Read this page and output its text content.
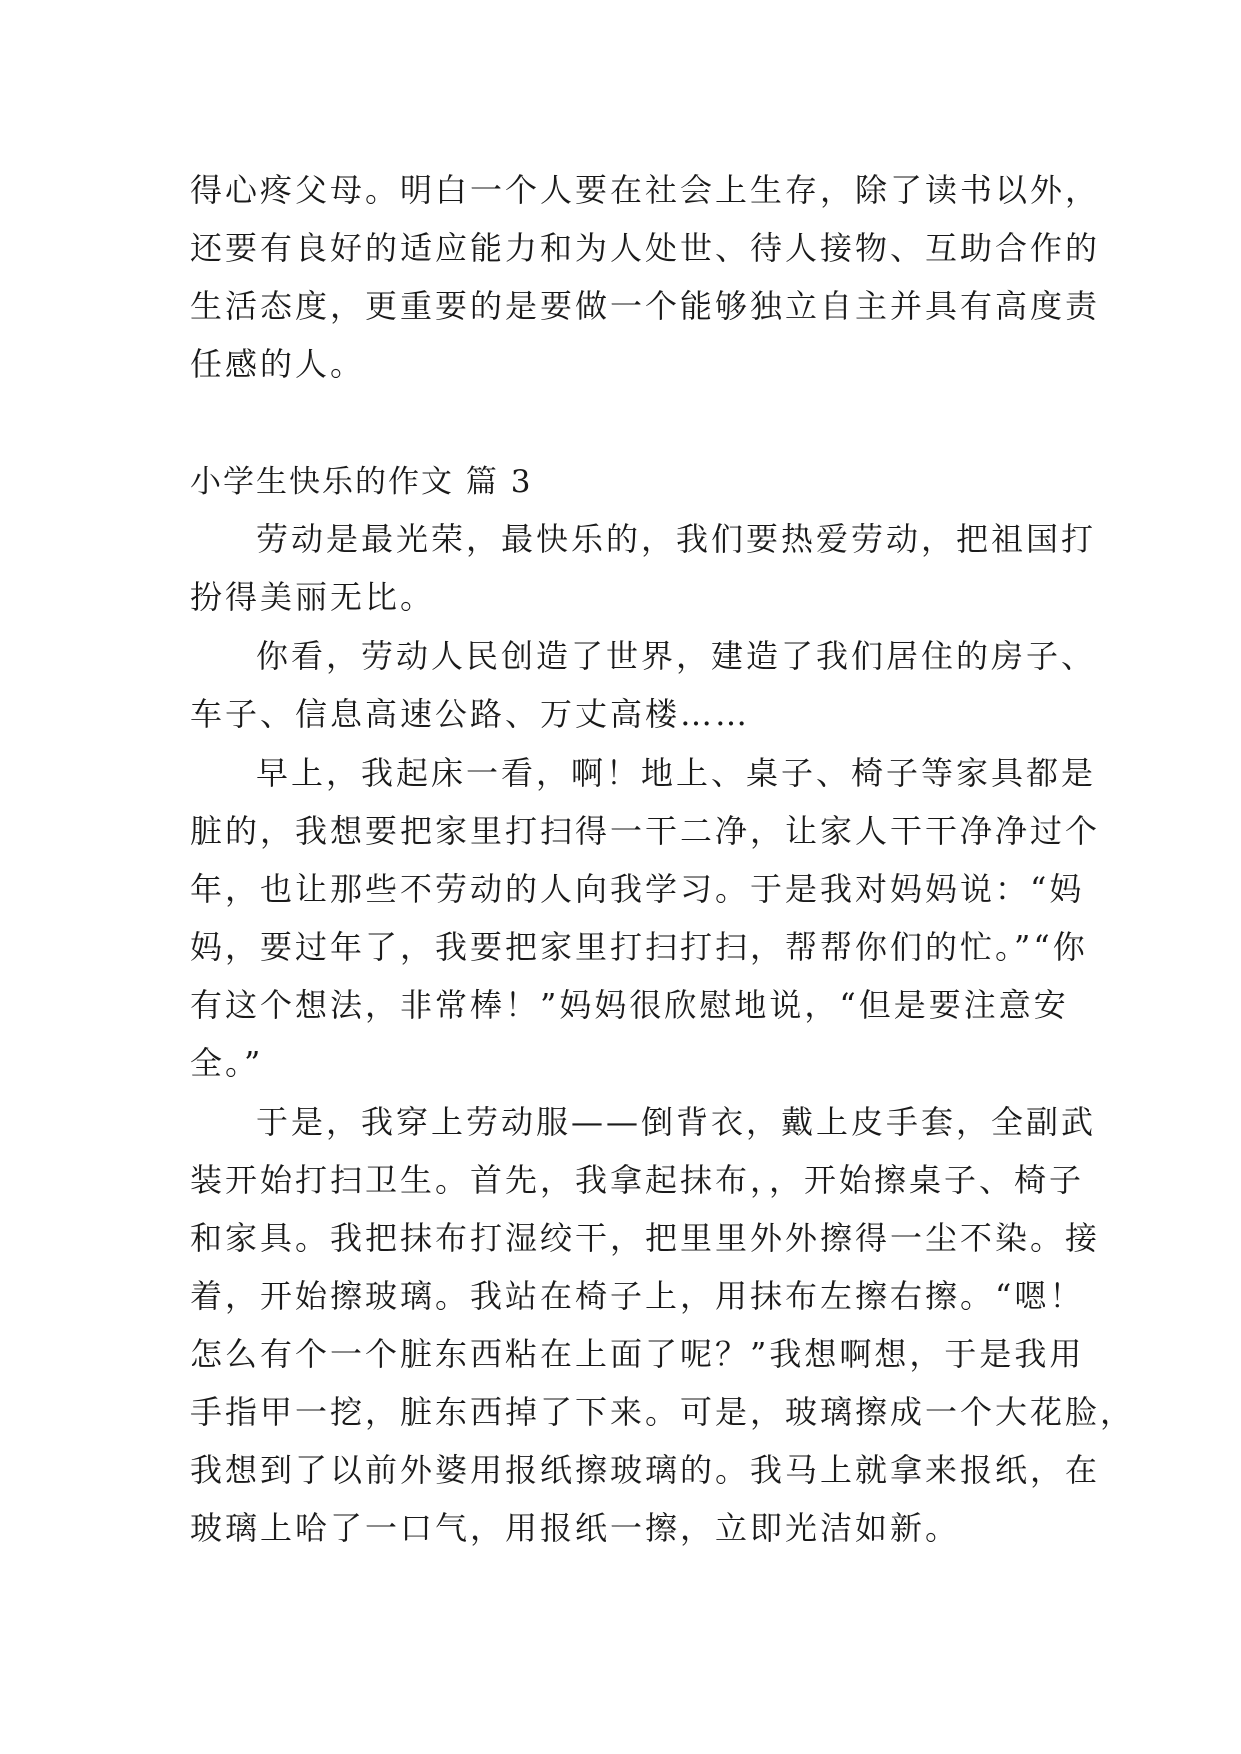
得心疼父母。明白一个人要在社会上生存，除了读书以外，
还要有良好的适应能力和为人处世、待人接物、互助合作的
生活态度，更重要的是要做一个能够独立自主并具有高度责
任感的人。
小学生快乐的作文 篇 3
劳动是最光荣，最快乐的，我们要热爱劳动，把祖国打
扮得美丽无比。
你看，劳动人民创造了世界，建造了我们居住的房子、
车子、信息高速公路、万丈高楼……
早上，我起床一看，啊！地上、桌子、椅子等家具都是
脏的，我想要把家里打扫得一干二净，让家人干干净净过个
年，也让那些不劳动的人向我学习。于是我对妈妈说：“妈
妈，要过年了，我要把家里打扫打扫，帮帮你们的忙。”“你
有这个想法，非常棒！”妈妈很欣慰地说，“但是要注意安
全。”
于是，我穿上劳动服——倒背衣，戴上皮手套，全副武
装开始打扫卫生。首先，我拿起抹布，，开始擦桌子、椅子
和家具。我把抹布打湿绞干，把里里外外擦得一尘不染。接
着，开始擦玻璃。我站在椅子上，用抹布左擦右擦。“嗯！
怎么有个一个脏东西粘在上面了呢？”我想啊想，于是我用
手指甲一挖，脏东西掉了下来。可是，玻璃擦成一个大花脸，
我想到了以前外婆用报纸擦玻璃的。我马上就拿来报纸，在
玻璃上哈了一口气，用报纸一擦，立即光洁如新。
